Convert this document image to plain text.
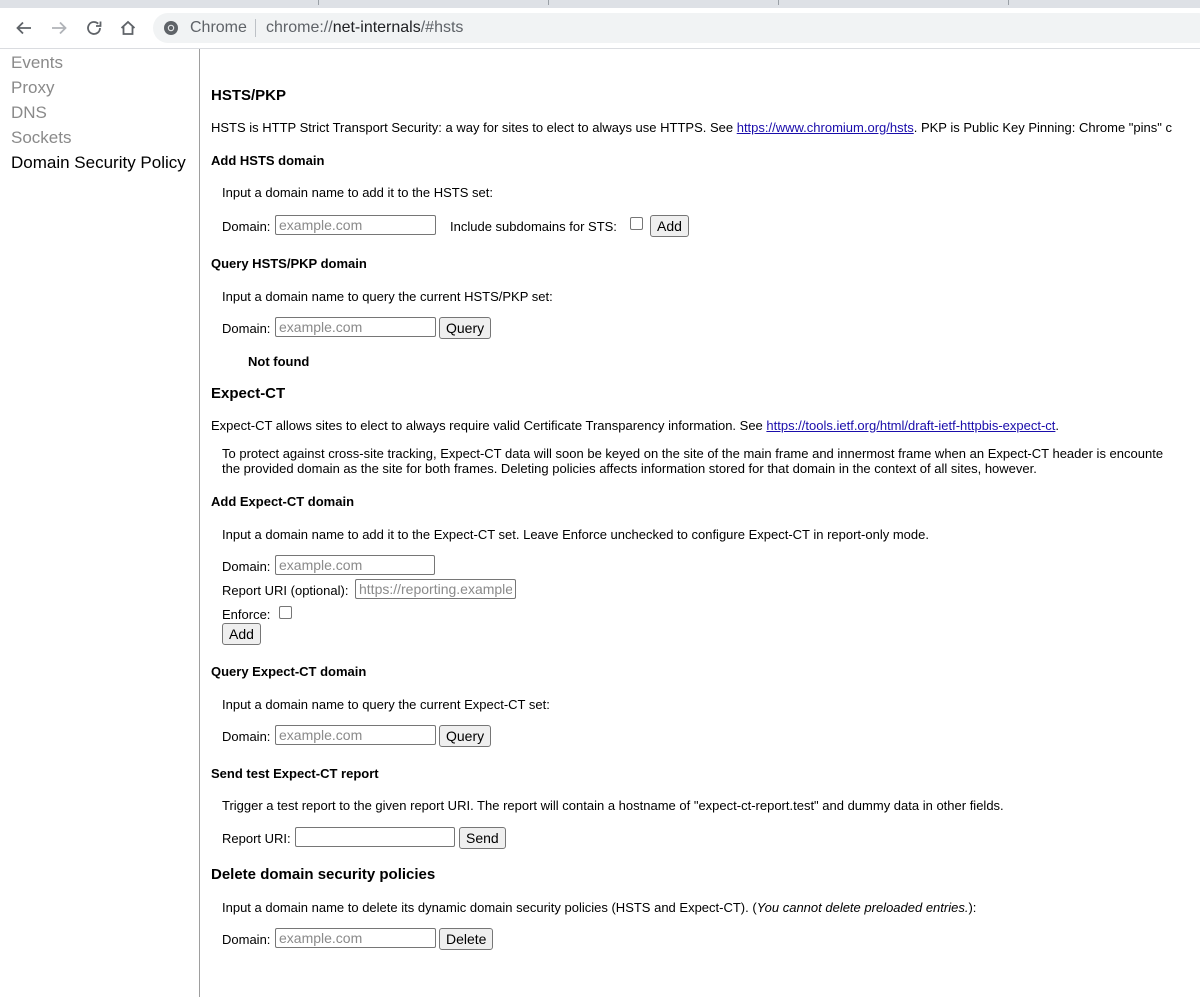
Chrome chrome://net-internals/#hsts
Events
Proxy
DNS
Sockets
Domain Security Policy
HSTS/PKP
HSTS is HTTP Strict Transport Security: a way for sites to elect to always use HTTPS. See https://www.chromium.org/hsts. PKP is Public Key Pinning: Chrome "pins" c
Add HSTS domain
Input a domain name to add it to the HSTS set:
Domain:
example.com	Include subdomains for STS:	Add
Query HSTS/PKP domain
Input a domain name to query the current HSTS/PKP set:
Domain:
example.com	Query
Not found
Expect-CT
Expect-CT allows sites to elect to always require valid Certificate Transparency information. See https://tools.ietf.org/html/draft-ietf-httpbis-expect-ct.
To protect against cross-site tracking, Expect-CT data will soon be keyed on the site of the main frame and innermost frame when an Expect-CT header is encounte
the provided domain as the site for both frames. Deleting policies affects information stored for that domain in the context of all sites, however.
Add Expect-CT domain
Input a domain name to add it to the Expect-CT set. Leave Enforce unchecked to configure Expect-CT in report-only mode.
Domain:
example.com
Report URI (optional):
https://reporting.example
Enforce:
Add
Query Expect-CT domain
Input a domain name to query the current Expect-CT set:
Domain:
example.com	Query
Send test Expect-CT report
Trigger a test report to the given report URI. The report will contain a hostname of "expect-ct-report.test" and dummy data in other fields.
Report URI:	Send
Delete domain security policies
Input a domain name to delete its dynamic domain security policies (HSTS and Expect-CT). (You cannot delete preloaded entries.):
Domain:
example.com	Delete
